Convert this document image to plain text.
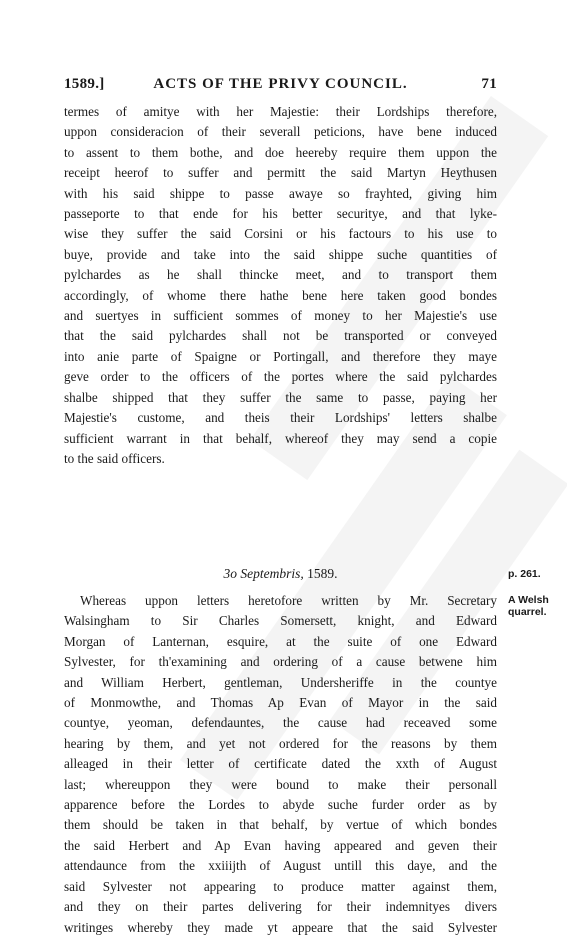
1589.]	ACTS OF THE PRIVY COUNCIL.	71
termes of amitye with her Majestie: their Lordships therefore,
uppon consideracion of their severall peticions, have bene induced
to assent to them bothe, and doe heereby require them uppon the
receipt heerof to suffer and permitt the said Martyn Heythusen
with his said shippe to passe awaye so frayhted, giving him
passeporte to that ende for his better securitye, and that lyke-
wise they suffer the said Corsini or his factours to his use to
buye, provide and take into the said shippe suche quantities of
pylchardes as he shall thincke meet, and to transport them
accordingly, of whome there hathe bene here taken good bondes
and suertyes in sufficient sommes of money to her Majestie's use
that the said pylchardes shall not be transported or conveyed
into anie parte of Spaigne or Portingall, and therefore they maye
geve order to the officers of the portes where the said pylchardes
shalbe shipped that they suffer the same to passe, paying her
Majestie's custome, and theis their Lordships' letters shalbe
sufficient warrant in that behalf, whereof they may send a copie
to the said officers.
3o Septembris, 1589.	p. 261.
A Welsh
quarrel.
Whereas uppon letters heretofore written by Mr. Secretary
Walsingham to Sir Charles Somersett, knight, and Edward
Morgan of Lanternan, esquire, at the suite of one Edward
Sylvester, for th'examining and ordering of a cause betwene him
and William Herbert, gentleman, Undersheriffe in the countye
of Monmowthe, and Thomas Ap Evan of Mayor in the said
countye, yeoman, defendauntes, the cause had receaved some
hearing by them, and yet not ordered for the reasons by them
alleaged in their letter of certificate dated the xxth of August
last; whereuppon they were bound to make their personall
apparence before the Lordes to abyde suche furder order as by
them should be taken in that behalf, by vertue of which bondes
the said Herbert and Ap Evan having appeared and geven their
attendaunce from the xxiiijth of August untill this daye, and the
said Sylvester not appearing to produce matter against them,
and they on their partes delivering for their indemnityes divers
writinges whereby they made yt appeare that the said Sylvester
